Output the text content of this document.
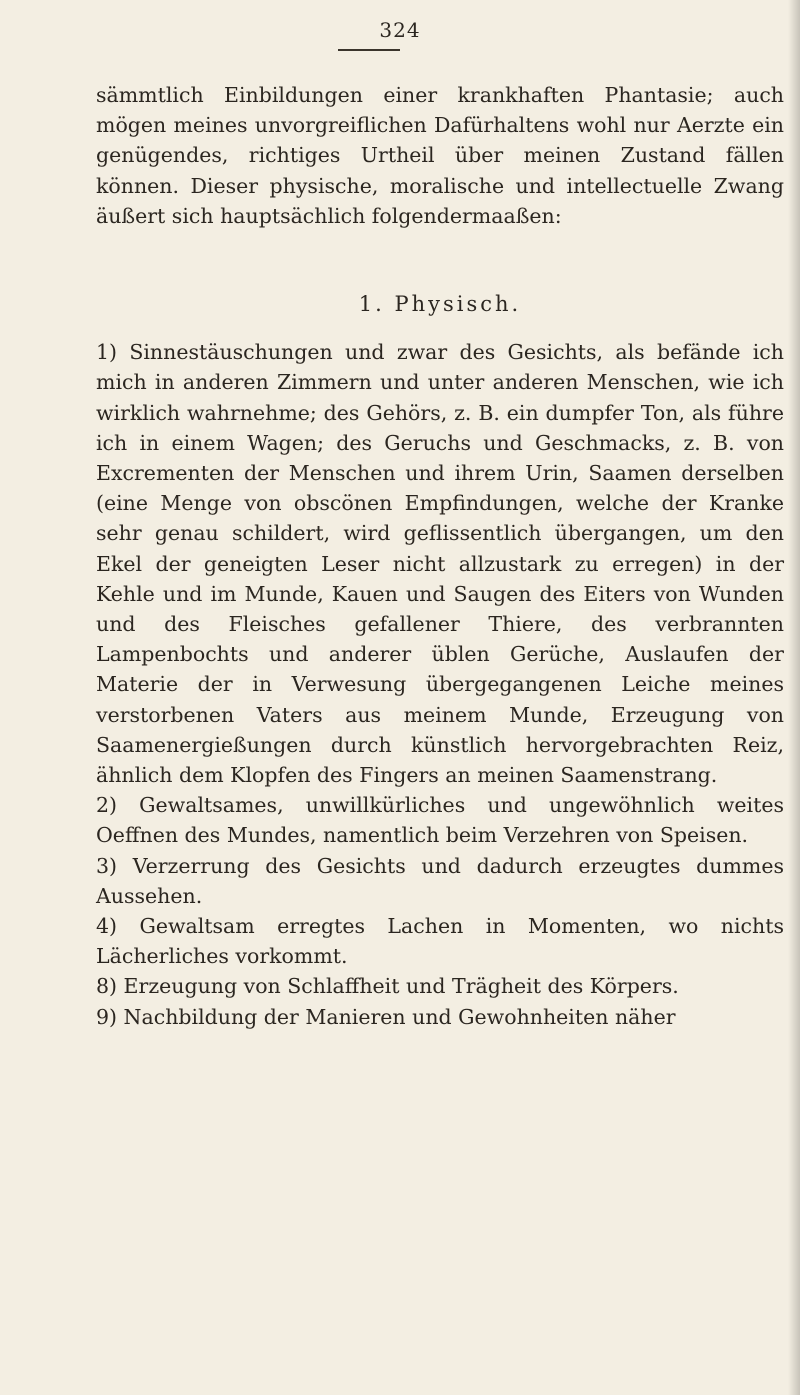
324

sämmtlich Einbildungen einer krankhaften Phantasie; auch mögen meines unvorgreiflichen Dafürhaltens wohl nur Aerzte ein genügendes, richtiges Urtheil über meinen Zustand fällen können. Dieser physische, moralische und intellectuelle Zwang äußert sich hauptsächlich folgendermaaßen:

1. Physisch.

1) Sinnestäuschungen und zwar des Gesichts, als befände ich mich in anderen Zimmern und unter anderen Menschen, wie ich wirklich wahrnehme; des Gehörs, z. B. ein dumpfer Ton, als führe ich in einem Wagen; des Geruchs und Geschmacks, z. B. von Excrementen der Menschen und ihrem Urin, Saamen derselben (eine Menge von obscönen Empfindungen, welche der Kranke sehr genau schildert, wird geflissentlich übergangen, um den Ekel der geneigten Leser nicht allzustark zu erregen) in der Kehle und im Munde, Kauen und Saugen des Eiters von Wunden und des Fleisches gefallener Thiere, des verbrannten Lampenbochts und anderer üblen Gerüche, Auslaufen der Materie der in Verwesung übergegangenen Leiche meines verstorbenen Vaters aus meinem Munde, Erzeugung von Saamenergießungen durch künstlich hervorgebrachten Reiz, ähnlich dem Klopfen des Fingers an meinen Saamenstrang.

2) Gewaltsames, unwillkürliches und ungewöhnlich weites Oeffnen des Mundes, namentlich beim Verzehren von Speisen.

3) Verzerrung des Gesichts und dadurch erzeugtes dummes Aussehen.

4) Gewaltsam erregtes Lachen in Momenten, wo nichts Lächerliches vorkommt.

8) Erzeugung von Schlaffheit und Trägheit des Körpers.

9) Nachbildung der Manieren und Gewohnheiten näher
